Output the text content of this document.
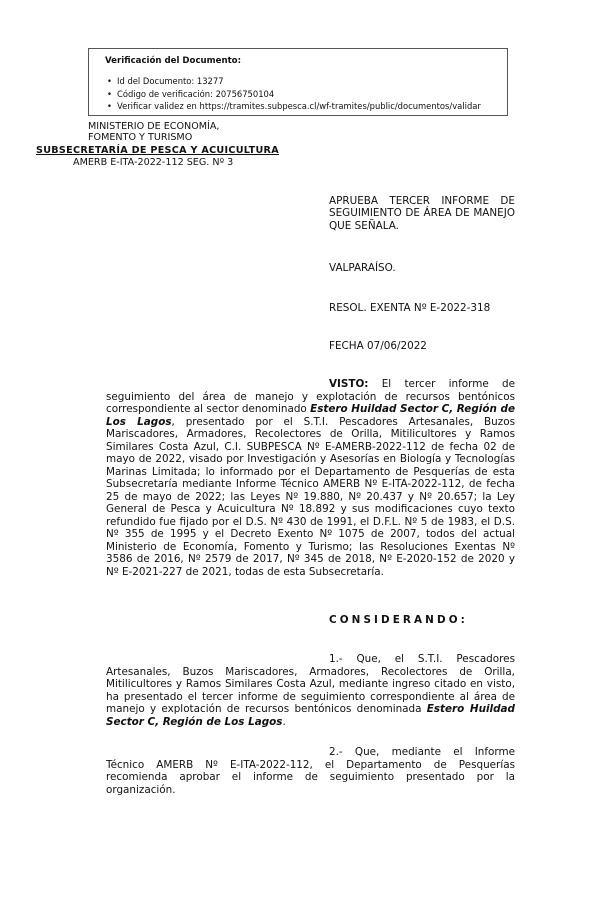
Verificación del Documento:
• Id del Documento: 13277
• Código de verificación: 20756750104
• Verificar validez en https://tramites.subpesca.cl/wf-tramites/public/documentos/validar
MINISTERIO DE ECONOMÍA,
FOMENTO Y TURISMO
SUBSECRETARÍA DE PESCA Y ACUICULTURA
AMERB E-ITA-2022-112 SEG. Nº 3
APRUEBA TERCER INFORME DE SEGUIMIENTO DE ÁREA DE MANEJO QUE SEÑALA.
VALPARAÍSO.
RESOL. EXENTA Nº E-2022-318
FECHA 07/06/2022

VISTO: El tercer informe de seguimiento del área de manejo y explotación de recursos bentónicos correspondiente al sector denominado Estero Huildad Sector C, Región de Los Lagos, presentado por el S.T.I. Pescadores Artesanales, Buzos Mariscadores, Armadores, Recolectores de Orilla, Mitilicultores y Ramos Similares Costa Azul, C.I. SUBPESCA Nº E-AMERB-2022-112 de fecha 02 de mayo de 2022, visado por Investigación y Asesorías en Biología y Tecnologías Marinas Limitada; lo informado por el Departamento de Pesquerías de esta Subsecretaría mediante Informe Técnico AMERB Nº E-ITA-2022-112, de fecha 25 de mayo de 2022; las Leyes Nº 19.880, Nº 20.437 y Nº 20.657; la Ley General de Pesca y Acuicultura Nº 18.892 y sus modificaciones cuyo texto refundido fue fijado por el D.S. Nº 430 de 1991, el D.F.L. Nº 5 de 1983, el D.S. Nº 355 de 1995 y el Decreto Exento Nº 1075 de 2007, todos del actual Ministerio de Economía, Fomento y Turismo; las Resoluciones Exentas Nº 3586 de 2016, Nº 2579 de 2017, Nº 345 de 2018, Nº E-2020-152 de 2020 y Nº E-2021-227 de 2021, todas de esta Subsecretaría.

CONSIDERANDO:

1.- Que, el S.T.I. Pescadores Artesanales, Buzos Mariscadores, Armadores, Recolectores de Orilla, Mitilicultores y Ramos Similares Costa Azul, mediante ingreso citado en visto, ha presentado el tercer informe de seguimiento correspondiente al área de manejo y explotación de recursos bentónicos denominada Estero Huildad Sector C, Región de Los Lagos.

2.- Que, mediante el Informe Técnico AMERB Nº E-ITA-2022-112, el Departamento de Pesquerías recomienda aprobar el informe de seguimiento presentado por la organización.
